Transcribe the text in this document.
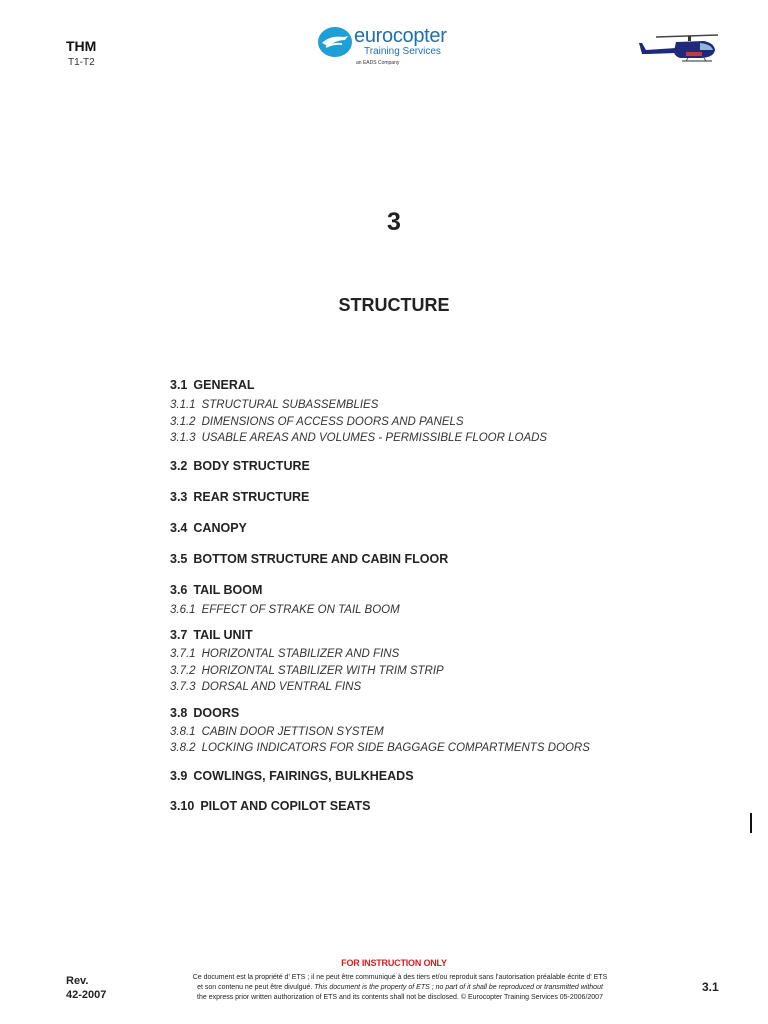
THM
T1-T2
eurocopter
Training Services
an EADS Company
3
STRUCTURE
3.1 GENERAL
3.1.1 STRUCTURAL SUBASSEMBLIES
3.1.2 DIMENSIONS OF ACCESS DOORS AND PANELS
3.1.3 USABLE AREAS AND VOLUMES - PERMISSIBLE FLOOR LOADS
3.2 BODY STRUCTURE
3.3 REAR STRUCTURE
3.4 CANOPY
3.5 BOTTOM STRUCTURE AND CABIN FLOOR
3.6 TAIL BOOM
3.6.1 EFFECT OF STRAKE ON TAIL BOOM
3.7 TAIL UNIT
3.7.1 HORIZONTAL STABILIZER AND FINS
3.7.2 HORIZONTAL STABILIZER WITH TRIM STRIP
3.7.3 DORSAL AND VENTRAL FINS
3.8 DOORS
3.8.1 CABIN DOOR JETTISON SYSTEM
3.8.2 LOCKING INDICATORS FOR SIDE BAGGAGE COMPARTMENTS DOORS
3.9 COWLINGS, FAIRINGS, BULKHEADS
3.10 PILOT AND COPILOT SEATS
FOR INSTRUCTION ONLY
Ce document est la propriété d' ETS ; il ne peut être communiqué à des tiers et/ou reproduit sans l'autorisation préalable écrite d' ETS
et son contenu ne peut être divulgué. This document is the property of ETS ; no part of it shall be reproduced or transmitted without
the express prior written authorization of ETS and its contents shall not be disclosed. © Eurocopter Training Services 05-2006/2007
Rev.
42-2007
3.1
